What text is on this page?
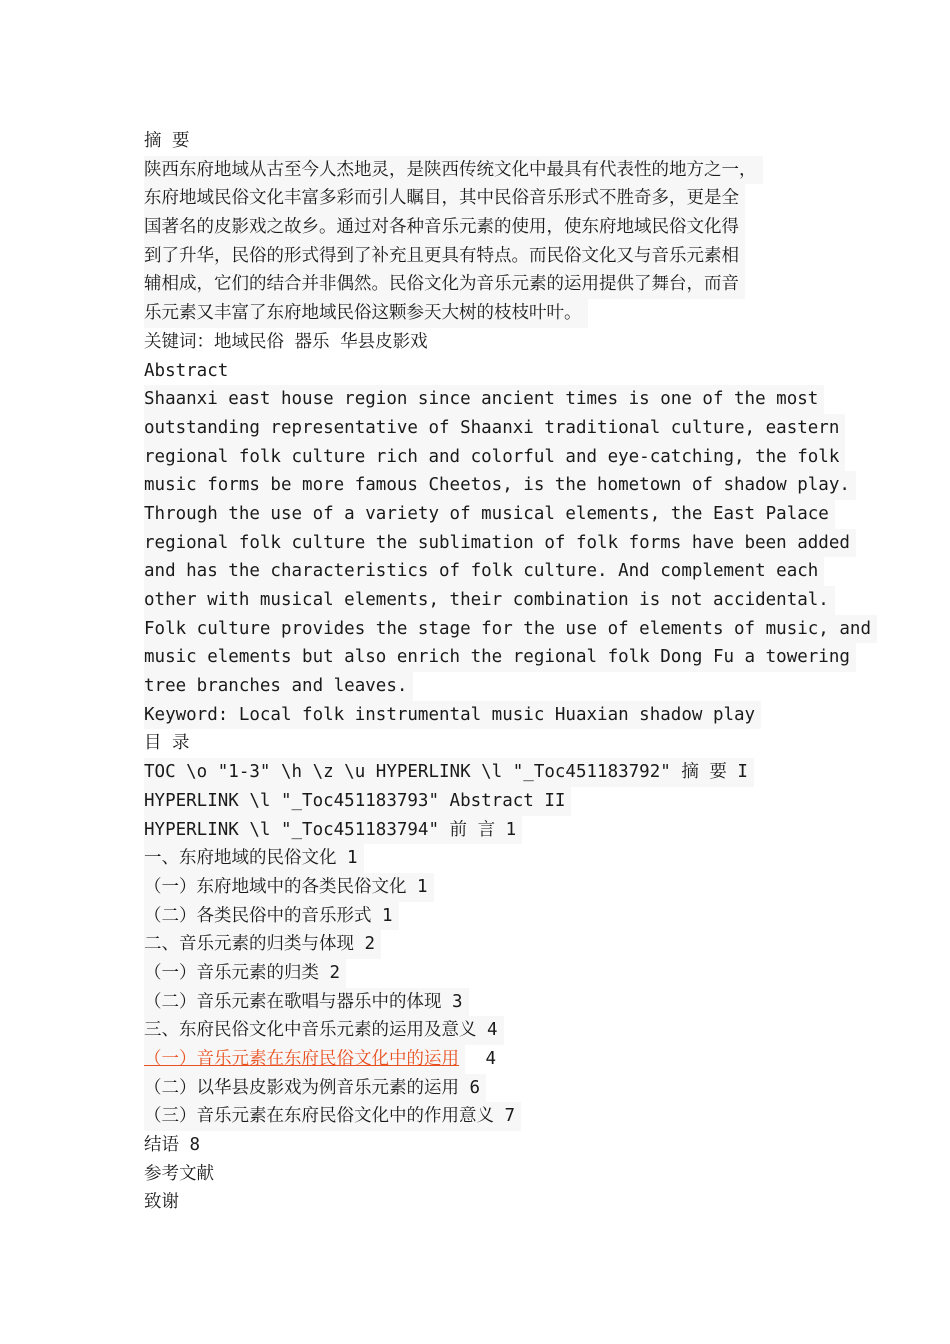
摘 要
陕西东府地域从古至今人杰地灵，是陕西传统文化中最具有代表性的地方之一，
东府地域民俗文化丰富多彩而引人瞩目，其中民俗音乐形式不胜奇多，更是全
国著名的皮影戏之故乡。通过对各种音乐元素的使用，使东府地域民俗文化得
到了升华，民俗的形式得到了补充且更具有特点。而民俗文化又与音乐元素相
辅相成，它们的结合并非偶然。民俗文化为音乐元素的运用提供了舞台，而音
乐元素又丰富了东府地域民俗这颗参天大树的枝枝叶叶。
关键词：地域民俗 器乐 华县皮影戏
Abstract
Shaanxi east house region since ancient times is one of the most
outstanding representative of Shaanxi traditional culture, eastern
regional folk culture rich and colorful and eye-catching, the folk
music forms be more famous Cheetos, is the hometown of shadow play.
Through the use of a variety of musical elements, the East Palace
regional folk culture the sublimation of folk forms have been added
and has the characteristics of folk culture. And complement each
other with musical elements, their combination is not accidental.
Folk culture provides the stage for the use of elements of music, and
music elements but also enrich the regional folk Dong Fu a towering
tree branches and leaves.
Keyword: Local folk instrumental music Huaxian shadow play
目 录
TOC \o "1-3" \h \z \u HYPERLINK \l "_Toc451183792" 摘 要 I
HYPERLINK \l "_Toc451183793" Abstract II
HYPERLINK \l "_Toc451183794" 前 言 1
一、东府地域的民俗文化 1
（一）东府地域中的各类民俗文化 1
（二）各类民俗中的音乐形式 1
二、音乐元素的归类与体现 2
（一）音乐元素的归类 2
（二）音乐元素在歌唱与器乐中的体现 3
三、东府民俗文化中音乐元素的运用及意义 4
（一）音乐元素在东府民俗文化中的运用 4
（二）以华县皮影戏为例音乐元素的运用 6
（三）音乐元素在东府民俗文化中的作用意义 7
结语 8
参考文献
致谢
